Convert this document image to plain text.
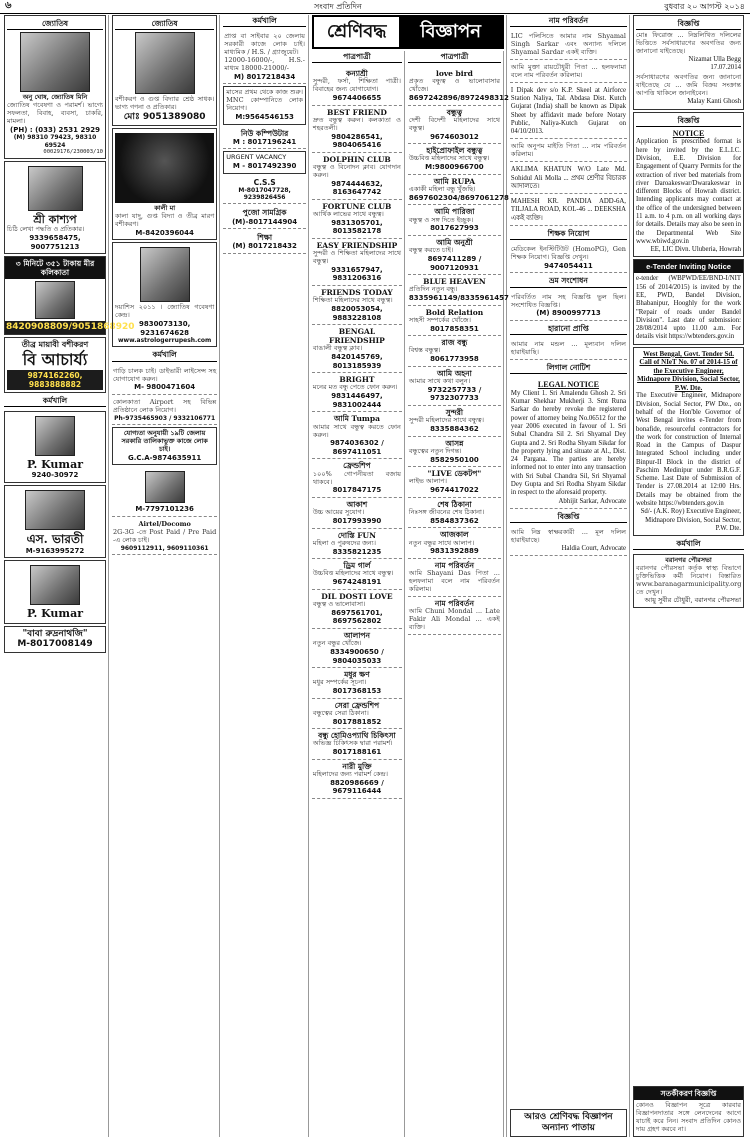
৬	সংবাদ প্রতিদিন	বুধবার ২০ আগস্ট ২০১৪
জ্যোতিষ
অনু ঘোষ, জ্যোতিষ মিনি
জ্যোতিষ গবেষণা ও পরামর্শ। ভাগ্যে সফলতা, বিবাহ, ব্যবসা, চাকরি, মামলা।
(PH) : (033) 2531 2929
(M) 98310 79423, 98310 69524
00029176/230003/10
শ্রী কাশ্যপ
চিঠি লেখা পদ্ধতি ও প্রতিকার।
9339658475, 9007751213
৩ মিনিটে ৩৫১ টাকায় মীর কলিকাতা
8420908809/9051868920
তীব্র মায়াবী বশীকরণ
বি আচার্য্য
9874162260, 9883888882
কর্মখালি
P. Kumar
9240-30972
এস. ভারতী
M-9163995272
P. Kumar
"বাবা রুদ্রনাথজি"
M-8017008149
জ্যোতিষ
বশীকরণ ও গুপ্ত বিদ্যার শ্রেষ্ঠ সাধক। ভাগ্য গণনা ও প্রতিকার।
মোঃ 9051389080
কালী মা
কালা যাদু, গুপ্ত বিদ্যা ও তীব্র মারণ বশীকরণ।
M-8420396044
দয়াশিস ২০১১ । জ্যোতিষ গবেষণা কেন্দ্র।
9830073130, 9231674628
www.astrologerrupesh.com
কর্মখালি
গাড়ি চালক চাই। ডাইভারী লাইসেন্স সহ যোগাযোগ করুন।
M- 9800471604
কোলকাতা Airport সহ বিভিন্ন প্রতিষ্ঠানে লোক নিয়োগ।
Ph-9735465903 / 9332106771
যোগ্যতা অনুযায়ী ১৯টি জেলায় সরকারি তালিকাভুক্ত কাজে লোক চাই।
G.C.A-9874635911
M-7797101236
Airtel/Docomo
2G-3G -তে Post Paid / Pre Paid -এ লোক চাই।
9609112911, 9609110361
কর্মখালি
প্রাপ্ত বা সাইবার ২০ জেলায় সরকারী কাজে লোক চাই। মাধ্যমিক / H.S. / গ্র্যাজুয়েট।
12000-16000/-, H.S.-মাধ্যম 18000-21000/-
M) 8017218434
মাসের প্রথম থেকে কাজ শুরু। MNC কোম্পানিতে লোক নিয়োগ।
M:9564546153
নিউ কম্পিউটার
M : 8017196241
URGENT VACANCY
M - 8017492390
C.S.S
M-8017047728, 9239826456
পুজো সামগ্রিক
(M)-8017144904
শিক্ষা
(M) 8017218432
শ্রেণিবদ্ধ	বিজ্ঞাপন
পাত্রপাত্রী
কন্যাশ্রী
সুন্দরী, ফর্সা, শিক্ষিতা পাত্রী। বিবাহের জন্য যোগাযোগ।
9674406655
BEST FRIEND
দ্রুত বন্ধুত্ব করুন। কলকাতা ও শহরতলী।
9804286541, 9804065416
DOLPHIN CLUB
বন্ধুত্ব ও বিনোদন ক্লাব। যোগদান করুন।
9874444632, 8163647742
FORTUNE CLUB
আর্থিক লাভের সাথে বন্ধুত্ব।
9831305701, 8013582178
EASY FRIENDSHIP
সুন্দরী ও শিক্ষিতা মহিলাদের সাথে বন্ধুত্ব।
9331657947, 9831206316
FRIENDS TODAY
শিক্ষিতা মহিলাদের সাথে বন্ধুত্ব।
8820053054, 9883228108
BENGAL FRIENDSHIP
বাঙালী বন্ধুত্ব ক্লাব।
8420145769, 8013185939
BRIGHT
মনের মত বন্ধু পেতে ফোন করুন।
9831446497, 9831002444
আমি Tumpa
আমার সাথে বন্ধুত্ব করতে ফোন করুন।
9874036302 / 8697411051
ফ্রেন্ডশিপ
১০০% গোপনীয়তা বজায় থাকবে।
8017847175
আকাশ
উচ্চ আয়ের সুযোগ।
8017993990
দোস্তি FUN
মহিলা ও পুরুষদের জন্য।
8335821235
ড্রিম গার্ল
উচ্চবিত্ত মহিলাদের সাথে বন্ধুত্ব।
9674248191
DIL DOSTI LOVE
বন্ধুত্ব ও ভালোবাসা।
8697561701, 8697562802
আলাপন
নতুন বন্ধুর খোঁজে।
8334900650 / 9804035033
মধুর ক্ষণ
মধুর সম্পর্কের সূচনা।
8017368153
সেরা ফ্রেন্ডশিপ
বন্ধুত্বের সেরা ঠিকানা।
8017881852
বন্ধু হোমিওপ্যাথি চিকিৎসা
অভিজ্ঞ চিকিৎসক দ্বারা পরামর্শ।
8017188161
নারী মুক্তি
মহিলাদের জন্য পরামর্শ কেন্দ্র।
8820986669 / 9679116444
পাত্রপাত্রী
love bird
প্রকৃত বন্ধুত্ব ও ভালোবাসার খোঁজে।
8697242896/8972498312
বন্ধুত্ব
দেশী বিদেশী মহিলাদের সাথে বন্ধুত্ব।
9674603012
হাইপ্রোফাইল বন্ধুত্ব
উচ্চবিত্ত মহিলাদের সাথে বন্ধুত্ব।
M:9800966700
আমি RUPA
একাকী মহিলা বন্ধু খুঁজছি।
8697602304/8697061278
আমি পারিজা
বন্ধুত্ব ও সঙ্গ দিতে ইচ্ছুক।
8017627993
আমি অনুশ্রী
বন্ধুত্ব করতে চাই।
8697411289 / 9007120931
BLUE HEAVEN
প্রতিদিন নতুন বন্ধু।
8335961149/8335961457
Bold Relation
সাহসী সম্পর্কের খোঁজে।
8017858351
রাজ বন্ধু
বিশ্বস্ত বন্ধুত্ব।
8061773958
আমি অহনা
আমার সাথে কথা বলুন।
9732257733 / 9732307733
সুন্দরী
সুন্দরী মহিলাদের সাথে বন্ধুত্ব।
8335884362
আসন্ন
বন্ধুত্বের নতুন দিগন্ত।
8582950100
"LIVE ডেকটপ"
লাইভ আলাপ।
9674417022
শেষ ঠিকানা
নিঃসঙ্গ জীবনের শেষ ঠিকানা।
8584837362
আজকাল
নতুন বন্ধুর সাথে আলাপ।
9831392889
নাম পরিবর্তন
আমি Shayani Das পিতা ... হলফনামা বলে নাম পরিবর্তন করিলাম।
নাম পরিবর্তন
আমি Chuni Mondal ... Late Fakir Ali Mondal ... একই ব্যক্তি।
নাম পরিবর্তন
LIC পলিসিতে আমার নাম Shyamal Singh Sarkar এবং অন্যান্য দলিলে Shyamal Sardar একই ব্যক্তি।
আমি মুক্তা রায়চৌধুরী পিতা ... হলফনামা বলে নাম পরিবর্তন করিলাম।
I Dipak dev s/o K.P. Skeel at Airforce Station Naliya, Tal. Abdasa Dist. Kutch Gujarat (India) shall be known as Dipak Sheet by affidavit made before Notary Public, Naliya-Kutch Gujarat on 04/10/2013.
আমি অনুপম মাইতি পিতা ... নাম পরিবর্তন করিলাম।
AKLIMA KHATUN W/O Late Md. Sohidul Ali Molla ... প্রথম শ্রেণীর বিচারক আদালতে।
MAHESH KR. PANDIA ADD-6A, TILJALA ROAD, KOL-46 ... DEEKSHA একই ব্যক্তি।
শিক্ষক নিয়োগ
মেডিকেল ইনস্টিটিউট (HomoPG), Gen শিক্ষক নিয়োগ। বিজ্ঞপ্তি দেখুন।
9474054411
ভ্রম সংশোধন
পরিবর্তিত নাম সহ বিজ্ঞপ্তি ভুল ছিল। সংশোধিত বিজ্ঞপ্তি।
(M) 8900997713
হারানো প্রাপ্তি
আমার নাম মন্ডল ... মূল্যবান দলিল হারাইয়াছি।
লিগাল নোটিশ
LEGAL NOTICE
My Client 1. Sri Amalendu Ghosh 2. Sri Kumar Shekhar Mukherji 3. Smt Runa Sarkar do hereby revoke the registered power of attorney being No.06512 for the year 2006 executed in favour of 1. Sri Subal Chandra Sil 2. Sri Shyamal Dey Gupta and 2. Sri Rodha Shyam Sikdar for the property lying and situate at Al., Dist. 24 Pargana. The parties are hereby informed not to enter into any transaction with Sri Subal Chandra Sil, Sri Shyamal Dey Gupta and Sri Rodha Shyam Sikdar in respect to the aforesaid property.
Abhijit Sarkar, Advocate
বিজ্ঞপ্তি
আমি নিম্ন স্বাক্ষরকারী ... মূল দলিল হারাইয়াছে।
Haldia Court, Advocate
আরও শ্রেণিবদ্ধ বিজ্ঞাপন অন্যান্য পাতায়
বিজ্ঞপ্তি
মোঃ ফিরোজ ... নিম্নলিখিত দলিলের ভিত্তিতে সর্বসাধারণের অবগতির জন্য জানানো যাইতেছে।
Nizamat Ulla Begg
17.07.2014
সর্বসাধারণের অবগতির জন্য জানানো যাইতেছে যে ... জমি বিক্রয় সংক্রান্ত আপত্তি থাকিলে জানাইবেন।
Malay Kanti Ghosh
বিজ্ঞপ্তি
NOTICE
Application is prescribed format is here by invited by the E.L.I.C. Division, E.E. Division for Engagement of Quarry Permits for the extraction of river bed materials from river Daroakeswar/Dwarakeswar in different Blocks of Howrah district. Intending applicants may contact at the office of the undersigned between 11 a.m. to 4 p.m. on all working days for details. Details may also be seen in the Departmental Web Site www.wbiwd.gov.in
EE, LIC Divn. Uluberia, Howrah
e-Tender Inviting Notice
e-tender (WBPWD/EE/BND-I/NIT 156 of 2014/2015) is invited by the EE, PWD, Bandel Division, Bhabanipur, Hooghly for the work "Repair of roads under Bandel Division". Last date of submission: 28/08/2014 upto 11.00 a.m. For details visit https://wbtenders.gov.in
West Bengal, Govt. Tender Sd. Call of NIeT No. 07 of 2014-15 of the Executive Engineer, Midnapore Division, Social Sector, P.W. Dte.
The Executive Engineer, Midnapore Division, Social Sector, PW Dte., on behalf of the Hon'ble Governor of West Bengal invites e-Tender from bonafide, resourceful contractors for the work for construction of Internal Road in the Campus of Daspur Integrated School including under Binpur-II Block in the district of Paschim Medinipur under B.R.G.F. Scheme. Last Date of Submission of Tender is 27.08.2014 at 12:00 Hrs. Details may be obtained from the website https://wbtenders.gov.in
Sd/- (A.K. Roy) Executive Engineer, Midnapore Division, Social Sector, P.W. Dte.
কর্মখালি
বরানগর পৌরসভা
বরানগর পৌরসভা কর্তৃক স্বাস্থ্য বিভাগে চুক্তিভিত্তিক কর্মী নিয়োগ। বিস্তারিত www.baranagarmunicipality.org তে দেখুন।
আয়ু সুবীর চৌধুরী, বরানগর পৌরসভা
সতর্কীকরণ বিজ্ঞপ্তি
কোনও বিজ্ঞাপন সূত্রে কারবার বিজ্ঞাপনদাতার সঙ্গে লেনদেনের আগে যাচাই করে নিন। সংবাদ প্রতিদিন কোনও দায় গ্রহণ করবে না।
